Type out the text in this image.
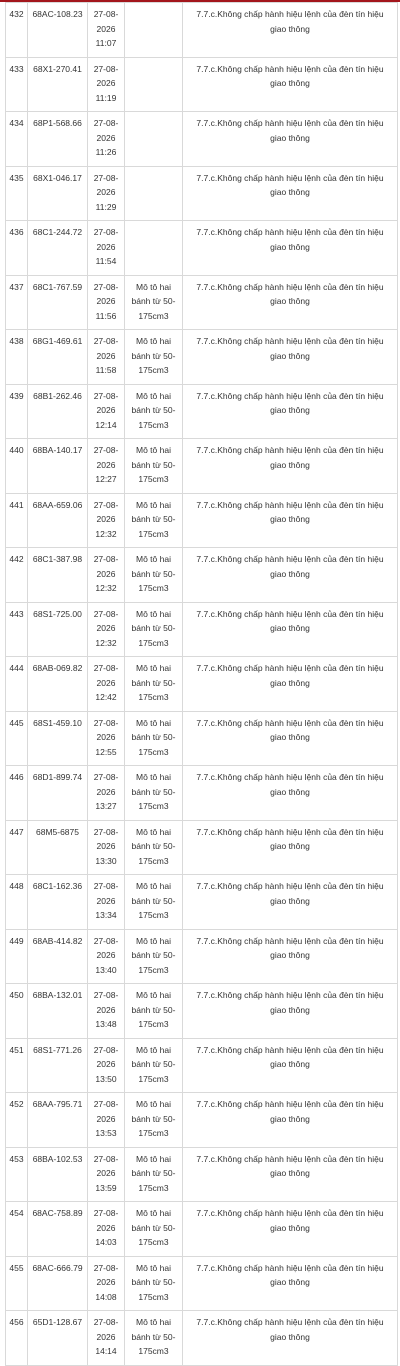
432	68AC-108.23	27-08-2026
11:07		7.7.c.Không chấp hành hiệu lệnh của đèn tín hiệu giao thông
433	68X1-270.41	27-08-2026
11:19		7.7.c.Không chấp hành hiệu lệnh của đèn tín hiệu giao thông
434	68P1-568.66	27-08-2026
11:26		7.7.c.Không chấp hành hiệu lệnh của đèn tín hiệu giao thông
435	68X1-046.17	27-08-2026
11:29		7.7.c.Không chấp hành hiệu lệnh của đèn tín hiệu giao thông
436	68C1-244.72	27-08-2026
11:54		7.7.c.Không chấp hành hiệu lệnh của đèn tín hiệu giao thông
437	68C1-767.59	27-08-2026
11:56	Mô tô hai bánh từ 50-175cm3	7.7.c.Không chấp hành hiệu lệnh của đèn tín hiệu giao thông
438	68G1-469.61	27-08-2026
11:58	Mô tô hai bánh từ 50-175cm3	7.7.c.Không chấp hành hiệu lệnh của đèn tín hiệu giao thông
439	68B1-262.46	27-08-2026
12:14	Mô tô hai bánh từ 50-175cm3	7.7.c.Không chấp hành hiệu lệnh của đèn tín hiệu giao thông
440	68BA-140.17	27-08-2026
12:27	Mô tô hai bánh từ 50-175cm3	7.7.c.Không chấp hành hiệu lệnh của đèn tín hiệu giao thông
441	68AA-659.06	27-08-2026
12:32	Mô tô hai bánh từ 50-175cm3	7.7.c.Không chấp hành hiệu lệnh của đèn tín hiệu giao thông
442	68C1-387.98	27-08-2026
12:32	Mô tô hai bánh từ 50-175cm3	7.7.c.Không chấp hành hiệu lệnh của đèn tín hiệu giao thông
443	68S1-725.00	27-08-2026
12:32	Mô tô hai bánh từ 50-175cm3	7.7.c.Không chấp hành hiệu lệnh của đèn tín hiệu giao thông
444	68AB-069.82	27-08-2026
12:42	Mô tô hai bánh từ 50-175cm3	7.7.c.Không chấp hành hiệu lệnh của đèn tín hiệu giao thông
445	68S1-459.10	27-08-2026
12:55	Mô tô hai bánh từ 50-175cm3	7.7.c.Không chấp hành hiệu lệnh của đèn tín hiệu giao thông
446	68D1-899.74	27-08-2026
13:27	Mô tô hai bánh từ 50-175cm3	7.7.c.Không chấp hành hiệu lệnh của đèn tín hiệu giao thông
447	68M5-6875	27-08-2026
13:30	Mô tô hai bánh từ 50-175cm3	7.7.c.Không chấp hành hiệu lệnh của đèn tín hiệu giao thông
448	68C1-162.36	27-08-2026
13:34	Mô tô hai bánh từ 50-175cm3	7.7.c.Không chấp hành hiệu lệnh của đèn tín hiệu giao thông
449	68AB-414.82	27-08-2026
13:40	Mô tô hai bánh từ 50-175cm3	7.7.c.Không chấp hành hiệu lệnh của đèn tín hiệu giao thông
450	68BA-132.01	27-08-2026
13:48	Mô tô hai bánh từ 50-175cm3	7.7.c.Không chấp hành hiệu lệnh của đèn tín hiệu giao thông
451	68S1-771.26	27-08-2026
13:50	Mô tô hai bánh từ 50-175cm3	7.7.c.Không chấp hành hiệu lệnh của đèn tín hiệu giao thông
452	68AA-795.71	27-08-2026
13:53	Mô tô hai bánh từ 50-175cm3	7.7.c.Không chấp hành hiệu lệnh của đèn tín hiệu giao thông
453	68BA-102.53	27-08-2026
13:59	Mô tô hai bánh từ 50-175cm3	7.7.c.Không chấp hành hiệu lệnh của đèn tín hiệu giao thông
454	68AC-758.89	27-08-2026
14:03	Mô tô hai bánh từ 50-175cm3	7.7.c.Không chấp hành hiệu lệnh của đèn tín hiệu giao thông
455	68AC-666.79	27-08-2026
14:08	Mô tô hai bánh từ 50-175cm3	7.7.c.Không chấp hành hiệu lệnh của đèn tín hiệu giao thông
456	65D1-128.67	27-08-2026
14:14	Mô tô hai bánh từ 50-175cm3	7.7.c.Không chấp hành hiệu lệnh của đèn tín hiệu giao thông
